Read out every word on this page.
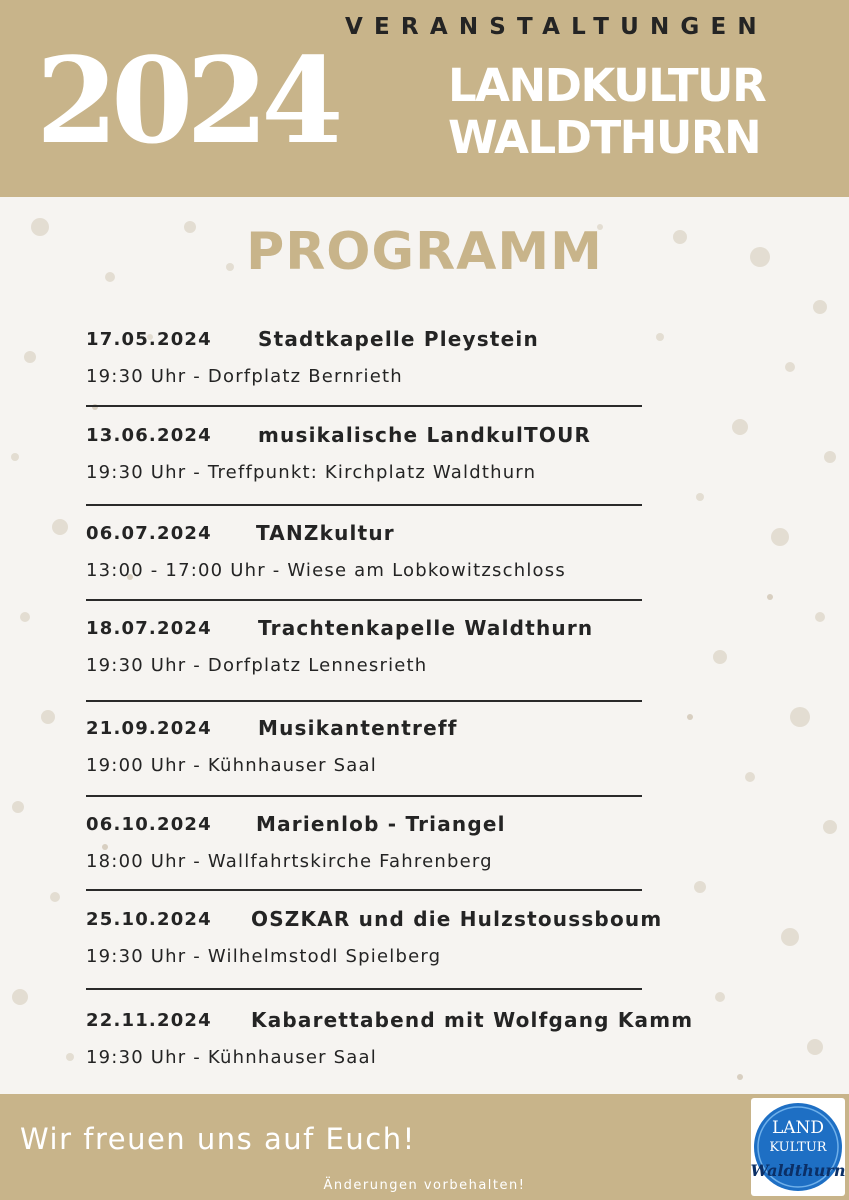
VERANSTALTUNGEN
2024 LANDKULTUR
WALDTHURN
PROGRAMM
17.05.2024 Stadtkapelle Pleystein
19:30 Uhr - Dorfplatz Bernrieth
13.06.2024 musikalische LandkulTOUR
19:30 Uhr - Treffpunkt: Kirchplatz Waldthurn
06.07.2024 TANZkultur
13:00 - 17:00 Uhr - Wiese am Lobkowitzschloss
18.07.2024 Trachtenkapelle Waldthurn
19:30 Uhr - Dorfplatz Lennesrieth
21.09.2024 Musikantentreff
19:00 Uhr - Kühnhauser Saal
06.10.2024 Marienlob - Triangel
18:00 Uhr - Wallfahrtskirche Fahrenberg
25.10.2024 OSZKAR und die Hulzstoussboum
19:30 Uhr - Wilhelmstodl Spielberg
22.11.2024 Kabarettabend mit Wolfgang Kamm
19:30 Uhr - Kühnhauser Saal
Wir freuen uns auf Euch!
Änderungen vorbehalten!
LAND
KULTUR
Waldthurn
